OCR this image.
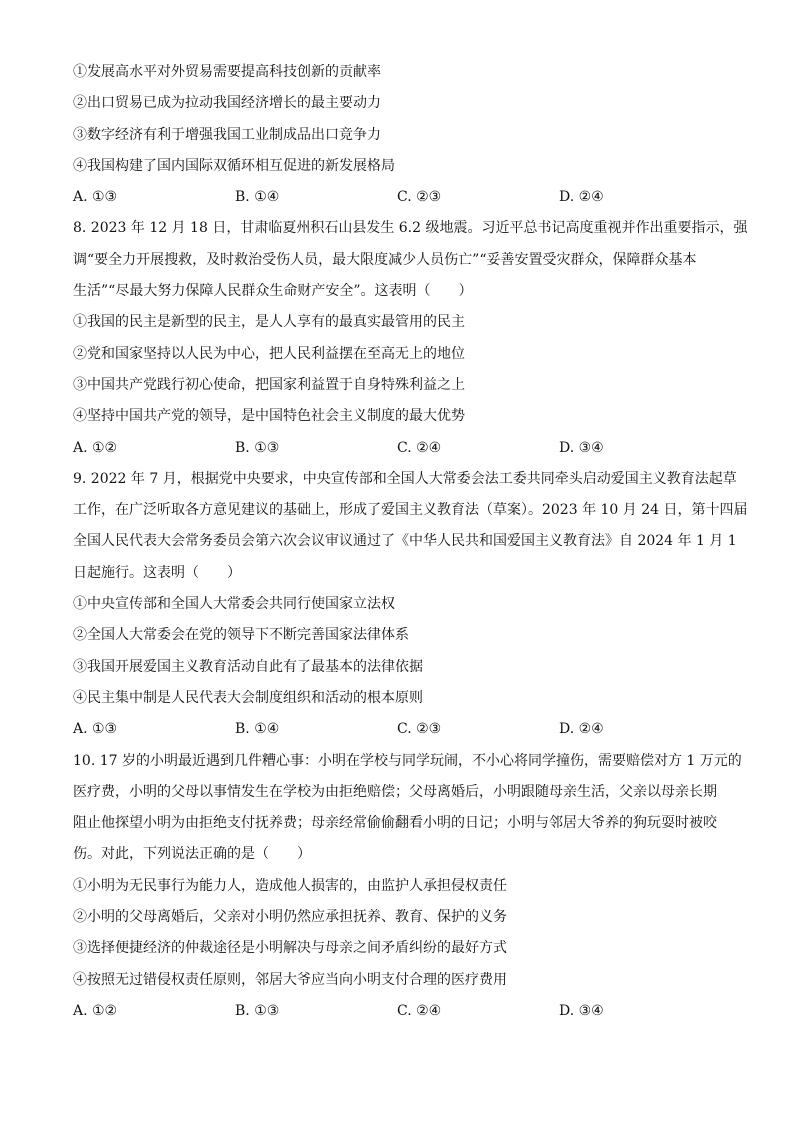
①发展高水平对外贸易需要提高科技创新的贡献率
②出口贸易已成为拉动我国经济增长的最主要动力
③数字经济有利于增强我国工业制成品出口竞争力
④我国构建了国内国际双循环相互促进的新发展格局
A. ①③	B. ①④	C. ②③	D. ②④
8. 2023 年 12 月 18 日，甘肃临夏州积石山县发生 6.2 级地震。习近平总书记高度重视并作出重要指示，强
调“要全力开展搜救，及时救治受伤人员，最大限度减少人员伤亡”“妥善安置受灾群众，保障群众基本
生活”“尽最大努力保障人民群众生命财产安全”。这表明（　　）
①我国的民主是新型的民主，是人人享有的最真实最管用的民主
②党和国家坚持以人民为中心，把人民利益摆在至高无上的地位
③中国共产党践行初心使命，把国家利益置于自身特殊利益之上
④坚持中国共产党的领导，是中国特色社会主义制度的最大优势
A. ①②	B. ①③	C. ②④	D. ③④
9. 2022 年 7 月，根据党中央要求，中央宣传部和全国人大常委会法工委共同牵头启动爱国主义教育法起草
工作，在广泛听取各方意见建议的基础上，形成了爱国主义教育法（草案）。2023 年 10 月 24 日，第十四届
全国人民代表大会常务委员会第六次会议审议通过了《中华人民共和国爱国主义教育法》自 2024 年 1 月 1
日起施行。这表明（　　）
①中央宣传部和全国人大常委会共同行使国家立法权
②全国人大常委会在党的领导下不断完善国家法律体系
③我国开展爱国主义教育活动自此有了最基本的法律依据
④民主集中制是人民代表大会制度组织和活动的根本原则
A. ①③	B. ①④	C. ②③	D. ②④
10. 17 岁的小明最近遇到几件糟心事：小明在学校与同学玩闹，不小心将同学撞伤，需要赔偿对方 1 万元的
医疗费，小明的父母以事情发生在学校为由拒绝赔偿；父母离婚后，小明跟随母亲生活，父亲以母亲长期
阻止他探望小明为由拒绝支付抚养费；母亲经常偷偷翻看小明的日记；小明与邻居大爷养的狗玩耍时被咬
伤。对此，下列说法正确的是（　　）
①小明为无民事行为能力人，造成他人损害的，由监护人承担侵权责任
②小明的父母离婚后，父亲对小明仍然应承担抚养、教育、保护的义务
③选择便捷经济的仲裁途径是小明解决与母亲之间矛盾纠纷的最好方式
④按照无过错侵权责任原则，邻居大爷应当向小明支付合理的医疗费用
A. ①②	B. ①③	C. ②④	D. ③④
